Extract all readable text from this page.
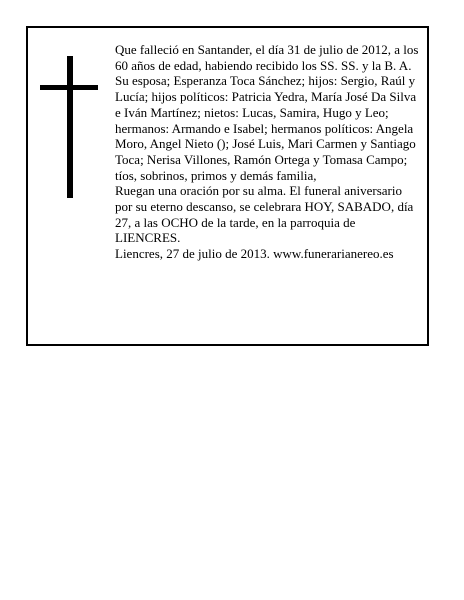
Que falleció en Santander, el día 31 de julio de 2012, a los 60 años de edad, habiendo recibido los SS. SS. y la B. A.

Su esposa; Esperanza Toca Sánchez; hijos: Sergio, Raúl y Lucía; hijos políticos: Patricia Yedra, María José Da Silva e Iván Martínez; nietos: Lucas, Samira, Hugo y Leo; hermanos: Armando e Isabel; hermanos políticos: Angela Moro, Angel Nieto (); José Luis, Mari Carmen y Santiago Toca; Nerisa Villones, Ramón Ortega y Tomasa Campo; tíos, sobrinos, primos y demás familia,

Ruegan una oración por su alma. El funeral aniversario por su eterno descanso, se celebrara HOY, SABADO, día 27, a las OCHO de la tarde, en la parroquia de LIENCRES.

Liencres, 27 de julio de 2013. www.funerarianereo.es
